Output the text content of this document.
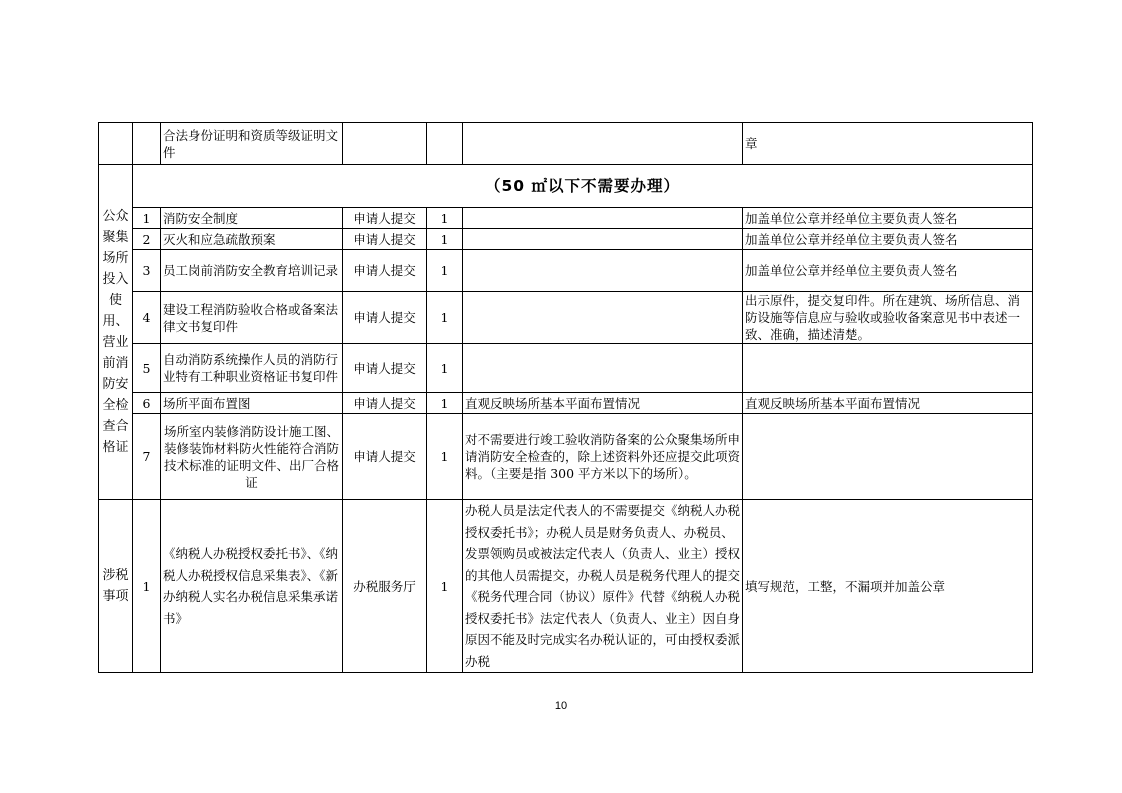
		合法身份证明和资质等级证明文件				章
公众聚集场所投入使用、营业前消防安全检查合格证	（50 ㎡以下不需要办理）					
	1	消防安全制度	申请人提交	1		加盖单位公章并经单位主要负责人签名
	2	灭火和应急疏散预案	申请人提交	1		加盖单位公章并经单位主要负责人签名
	3	员工岗前消防安全教育培训记录	申请人提交	1		加盖单位公章并经单位主要负责人签名
	4	建设工程消防验收合格或备案法律文书复印件	申请人提交	1		出示原件，提交复印件。所在建筑、场所信息、消防设施等信息应与验收或验收备案意见书中表述一致、准确，描述清楚。
	5	自动消防系统操作人员的消防行业特有工种职业资格证书复印件	申请人提交	1		
	6	场所平面布置图	申请人提交	1	直观反映场所基本平面布置情况	直观反映场所基本平面布置情况
	7	场所室内装修消防设计施工图、装修装饰材料防火性能符合消防技术标准的证明文件、出厂合格证	申请人提交	1	对不需要进行竣工验收消防备案的公众聚集场所申请消防安全检查的，除上述资料外还应提交此项资料。（主要是指 300 平方米以下的场所）。	
涉税事项	1	《纳税人办税授权委托书》、《纳税人办税授权信息采集表》、《新办纳税人实名办税信息采集承诺书》	办税服务厅	1	办税人员是法定代表人的不需要提交《纳税人办税授权委托书》；办税人员是财务负责人、办税员、发票领购员或被法定代表人（负责人、业主）授权的其他人员需提交，办税人员是税务代理人的提交《税务代理合同（协议）原件》代替《纳税人办税授权委托书》法定代表人（负责人、业主）因自身原因不能及时完成实名办税认证的，可由授权委派办税	填写规范，工整，不漏项并加盖公章
10
